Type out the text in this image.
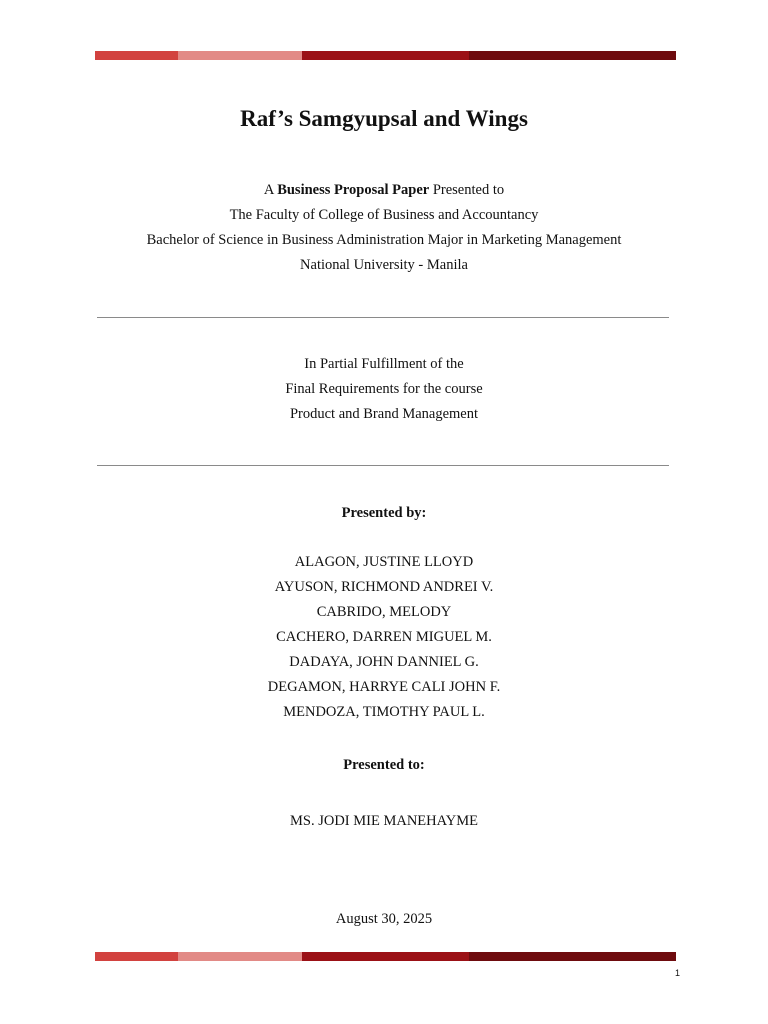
Raf’s Samgyupsal and Wings
A Business Proposal Paper Presented to
The Faculty of College of Business and Accountancy
Bachelor of Science in Business Administration Major in Marketing Management
National University - Manila
In Partial Fulfillment of the
Final Requirements for the course
Product and Brand Management
Presented by:
ALAGON, JUSTINE LLOYD
AYUSON, RICHMOND ANDREI V.
CABRIDO, MELODY
CACHERO, DARREN MIGUEL M.
DADAYA, JOHN DANNIEL G.
DEGAMON, HARRYE CALI JOHN F.
MENDOZA, TIMOTHY PAUL L.
Presented to:
MS. JODI MIE MANEHAYME
August 30, 2025
1
